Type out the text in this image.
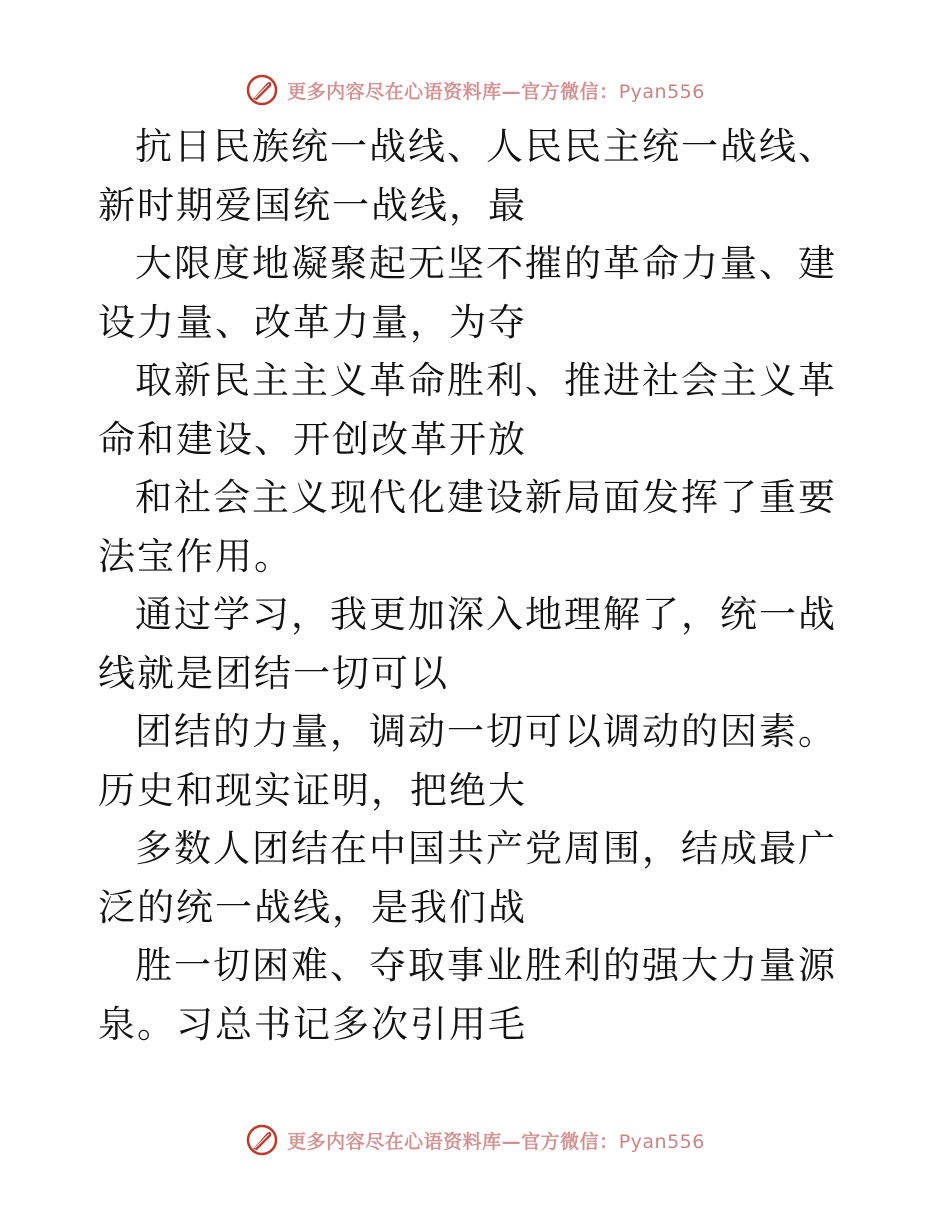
更多内容尽在心语资料库—官方微信：Pyan556

抗日民族统一战线、人民民主统一战线、新时期爱国统一战线，最

大限度地凝聚起无坚不摧的革命力量、建设力量、改革力量，为夺

取新民主主义革命胜利、推进社会主义革命和建设、开创改革开放

和社会主义现代化建设新局面发挥了重要法宝作用。

通过学习，我更加深入地理解了，统一战线就是团结一切可以

团结的力量，调动一切可以调动的因素。历史和现实证明，把绝大

多数人团结在中国共产党周围，结成最广泛的统一战线，是我们战

胜一切困难、夺取事业胜利的强大力量源泉。习总书记多次引用毛

更多内容尽在心语资料库—官方微信：Pyan556
